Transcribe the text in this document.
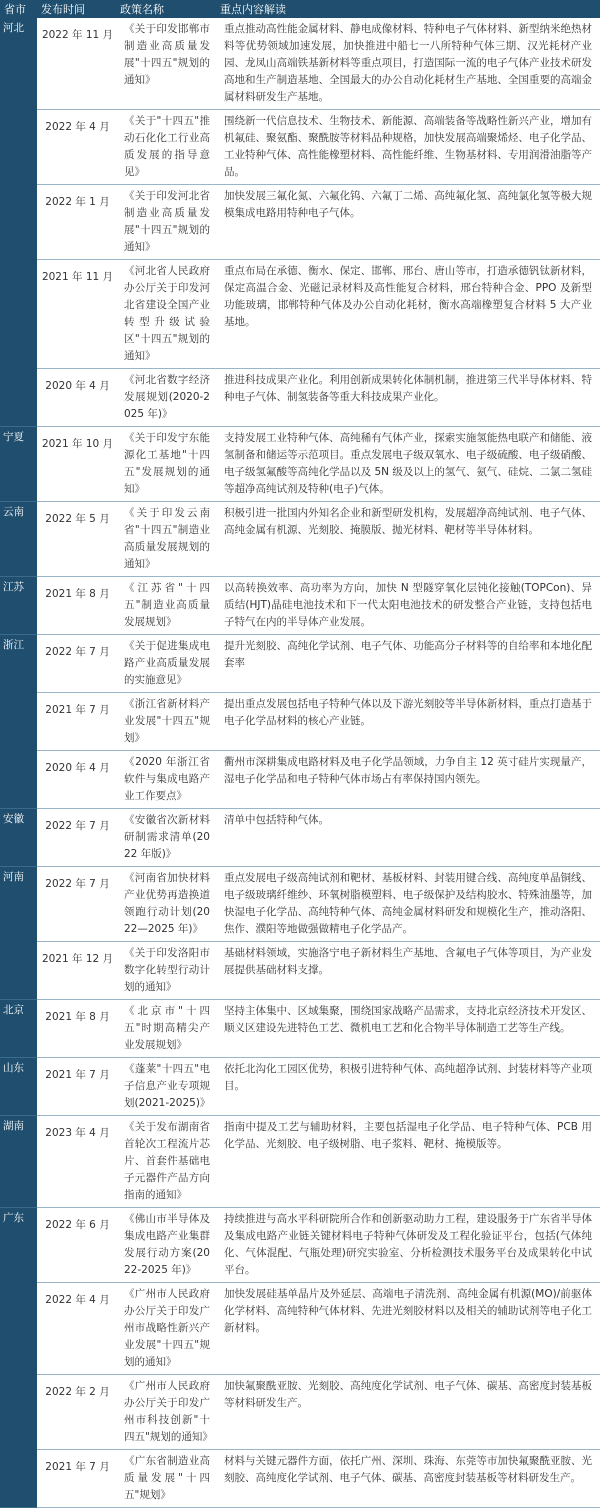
省市	发布时间	政策名称	重点内容解读
河北	2022 年 11 月	《关于印发邯郸市制造业高质量发展"十四五"规划的通知》	重点推动高性能金属材料、静电成像材料、特种电子气体材料、新型纳米绝热材料等优势领域加速发展，加快推进中船七一八所特种气体三期、汉光耗材产业园、龙凤山高端铁基新材料等重点项目，打造国际一流的电子气体产业技术研发高地和生产制造基地、全国最大的办公自动化耗材生产基地、全国重要的高端金属材料研发生产基地。
	2022 年 4 月	《关于"十四五"推动石化化工行业高质发展的指导意见》	围绕新一代信息技术、生物技术、新能源、高端装备等战略性新兴产业，增加有机氟硅、聚氨酯、聚酰胺等材料品种规格，加快发展高端聚烯烃、电子化学品、工业特种气体、高性能橡塑材料、高性能纤维、生物基材料、专用润滑油脂等产品。
	2022 年 1 月	《关于印发河北省制造业高质量发展"十四五"规划的通知》	加快发展三氟化氮、六氟化钨、六氟丁二烯、高纯氟化氢、高纯氯化氢等极大规模集成电路用特种电子气体。
	2021 年 11 月	《河北省人民政府办公厅关于印发河北省建设全国产业转型升级试验区"十四五"规划的通知》	重点布局在承德、衡水、保定、邯郸、邢台、唐山等市，打造承德钒钛新材料，保定高温合金、光磁记录材料及高性能复合材料，邢台特种合金、PPO 及新型功能玻璃，邯郸特种气体及办公自动化耗材，衡水高端橡塑复合材料 5 大产业基地。
	2020 年 4 月	《河北省数字经济发展规划(2020-2025 年)》	推进科技成果产业化。利用创新成果转化体制机制，推进第三代半导体材料、特种电子气体、制氢装备等重大科技成果产业化。
宁夏	2021 年 10 月	《关于印发宁东能源化工基地"十四五"发展规划的通知》	支持发展工业特种气体、高纯稀有气体产业，探索实施氢能热电联产和储能、液氢制备和储运等示范项目。重点发展电子级双氧水、电子级硫酸、电子级硝酸、电子级氢氟酸等高纯化学品以及 5N 级及以上的氢气、氨气、硅烷、二氯二氢硅等超净高纯试剂及特种(电子)气体。
云南	2022 年 5 月	《关于印发云南省"十四五"制造业高质量发展规划的通知》	积极引进一批国内外知名企业和新型研发机构，发展超净高纯试剂、电子气体、高纯金属有机源、光刻胶、掩膜版、抛光材料、靶材等半导体材料。
江苏	2021 年 8 月	《江苏省"十四五"制造业高质量发展规划》	以高转换效率、高功率为方向，加快 N 型隧穿氧化层钝化接触(TOPCon)、异质结(HJT)晶硅电池技术和下一代太阳电池技术的研发整合产业链，支持包括电子特气在内的半导体产业发展。
浙江	2022 年 7 月	《关于促进集成电路产业高质量发展的实施意见》	提升光刻胶、高纯化学试剂、电子气体、功能高分子材料等的自给率和本地化配套率
	2021 年 7 月	《浙江省新材料产业发展"十四五"规划》	提出重点发展包括电子特种气体以及下游光刻胶等半导体新材料，重点打造基于电子化学品材料的核心产业链。
	2020 年 4 月	《2020 年浙江省软件与集成电路产业工作要点》	衢州市深耕集成电路材料及电子化学品领域，力争自主 12 英寸硅片实现量产，湿电子化学品和电子特种气体市场占有率保持国内领先。
安徽	2022 年 7 月	《安徽省次新材料研制需求清单(2022 年版)》	清单中包括特种气体。
河南	2022 年 7 月	《河南省加快材料产业优势再造换道领跑行动计划(2022—2025 年)》	重点发展电子级高纯试剂和靶材、基板材料、封装用键合线、高纯度单晶铜线、电子级玻璃纤维纱、环氧树脂模塑料、电子级保护及结构胶水、特殊油墨等，加快湿电子化学品、高纯特种气体、高纯金属材料研发和规模化生产，推动洛阳、焦作、濮阳等地做强做精电子化学品产。
	2021 年 12 月	《关于印发洛阳市数字化转型行动计划的通知》	基础材料领域，实施洛宁电子新材料生产基地、含氟电子气体等项目，为产业发展提供基础材料支撑。
北京	2021 年 8 月	《北京市"十四五"时期高精尖产业发展规划》	坚持主体集中、区域集聚，围绕国家战略产品需求，支持北京经济技术开发区、顺义区建设先进特色工艺、微机电工艺和化合物半导体制造工艺等生产线。
山东	2021 年 7 月	《蓬莱"十四五"电子信息产业专项规划(2021-2025)》	依托北沟化工园区优势，积极引进特种气体、高纯超净试剂、封装材料等产业项目。
湖南	2023 年 4 月	《关于发布湖南省首轮次工程流片芯片、首套件基础电子元器件产品方向指南的通知》	指南中提及工艺与辅助材料，主要包括湿电子化学品、电子特种气体、PCB 用化学品、光刻胶、电子级树脂、电子浆料、靶材、掩模版等。
广东	2022 年 6 月	《佛山市半导体及集成电路产业集群发展行动方案(2022-2025 年)》	持续推进与高水平科研院所合作和创新驱动助力工程，建设服务于广东省半导体及集成电路产业链关键材料电子特种气体研发及工程化验证平台，包括(气体纯化、气体混配、气瓶处理)研究实验室、分析检测技术服务平台及成果转化中试平台。
	2022 年 4 月	《广州市人民政府办公厅关于印发广州市战略性新兴产业发展"十四五"规划的通知》	加快发展硅基单晶片及外延层、高端电子清洗剂、高纯金属有机源(MO)/前驱体化学材料、高纯特种气体材料、先进光刻胶材料以及相关的辅助试剂等电子化工新材料。
	2022 年 2 月	《广州市人民政府办公厅关于印发广州市科技创新"十四五"规划的通知》	加快氟聚酰亚胺、光刻胶、高纯度化学试剂、电子气体、碳基、高密度封装基板等材料研发生产。
	2021 年 7 月	《广东省制造业高质量发展"十四五"规划》	材料与关键元器件方面，依托广州、深圳、珠海、东莞等市加快氟聚酰亚胺、光刻胶、高纯度化学试剂、电子气体、碳基、高密度封装基板等材料研发生产。
